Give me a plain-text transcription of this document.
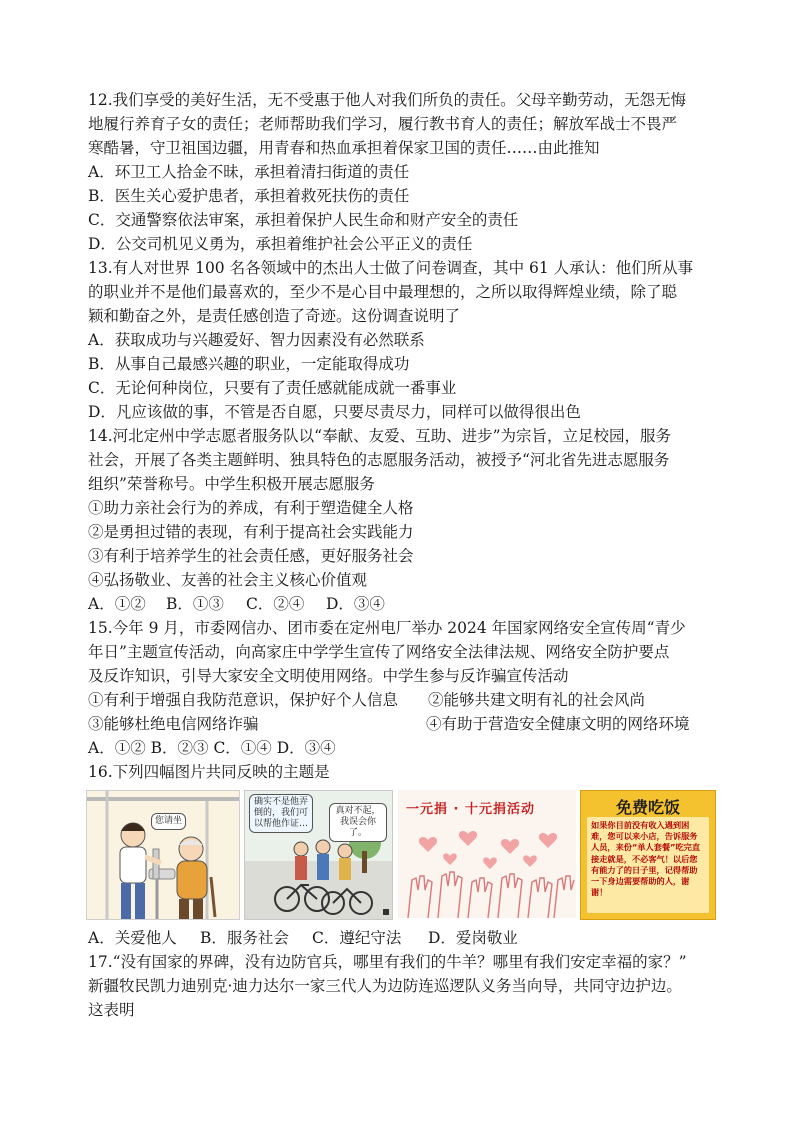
12.我们享受的美好生活，无不受惠于他人对我们所负的责任。父母辛勤劳动，无怨无悔
地履行养育子女的责任；老师帮助我们学习，履行教书育人的责任；解放军战士不畏严
寒酷暑，守卫祖国边疆，用青春和热血承担着保家卫国的责任……由此推知
A．环卫工人拾金不昧，承担着清扫街道的责任
B．医生关心爱护患者，承担着救死扶伤的责任
C．交通警察依法审案，承担着保护人民生命和财产安全的责任
D．公交司机见义勇为，承担着维护社会公平正义的责任
13.有人对世界 100 名各领域中的杰出人士做了问卷调查，其中 61 人承认：他们所从事
的职业并不是他们最喜欢的，至少不是心目中最理想的，之所以取得辉煌业绩，除了聪
颖和勤奋之外，是责任感创造了奇迹。这份调查说明了
A．获取成功与兴趣爱好、智力因素没有必然联系
B．从事自己最感兴趣的职业，一定能取得成功
C．无论何种岗位，只要有了责任感就能成就一番事业
D．凡应该做的事，不管是否自愿，只要尽责尽力，同样可以做得很出色
14.河北定州中学志愿者服务队以“奉献、友爱、互助、进步”为宗旨，立足校园，服务
社会，开展了各类主题鲜明、独具特色的志愿服务活动，被授予“河北省先进志愿服务
组织”荣誉称号。中学生积极开展志愿服务
①助力亲社会行为的养成，有利于塑造健全人格
②是勇担过错的表现，有利于提高社会实践能力
③有利于培养学生的社会责任感，更好服务社会
④弘扬敬业、友善的社会主义核心价值观
A．①② B．①③ C．②④ D．③④
15.今年 9 月，市委网信办、团市委在定州电厂举办 2024 年国家网络安全宣传周“青少
年日”主题宣传活动，向高家庄中学学生宣传了网络安全法律法规、网络安全防护要点
及反诈知识，引导大家安全文明使用网络。中学生参与反诈骗宣传活动
①有利于增强自我防范意识，保护好个人信息 ②能够共建文明有礼的社会风尚
③能够杜绝电信网络诈骗	④有助于营造安全健康文明的网络环境
A．①② B．②③ C．①④ D．③④
16.下列四幅图片共同反映的主题是
您请坐
确实不是他弄倒的，我们可以帮他作证…
真对不起，我误会你了。
一元捐 · 十元捐活动	免费吃饭
如果你目前没有收入遇到困难，您可以来小店，告诉服务人员，来份“单人套餐”吃完直接走就是，不必客气！以后您有能力了的日子里，记得帮助一下身边需要帮助的人，谢谢！
A．关爱他人 B．服务社会 C．遵纪守法 D．爱岗敬业
17.“没有国家的界碑，没有边防官兵，哪里有我们的牛羊？哪里有我们安定幸福的家？”
新疆牧民凯力迪别克·迪力达尔一家三代人为边防连巡逻队义务当向导，共同守边护边。
这表明
